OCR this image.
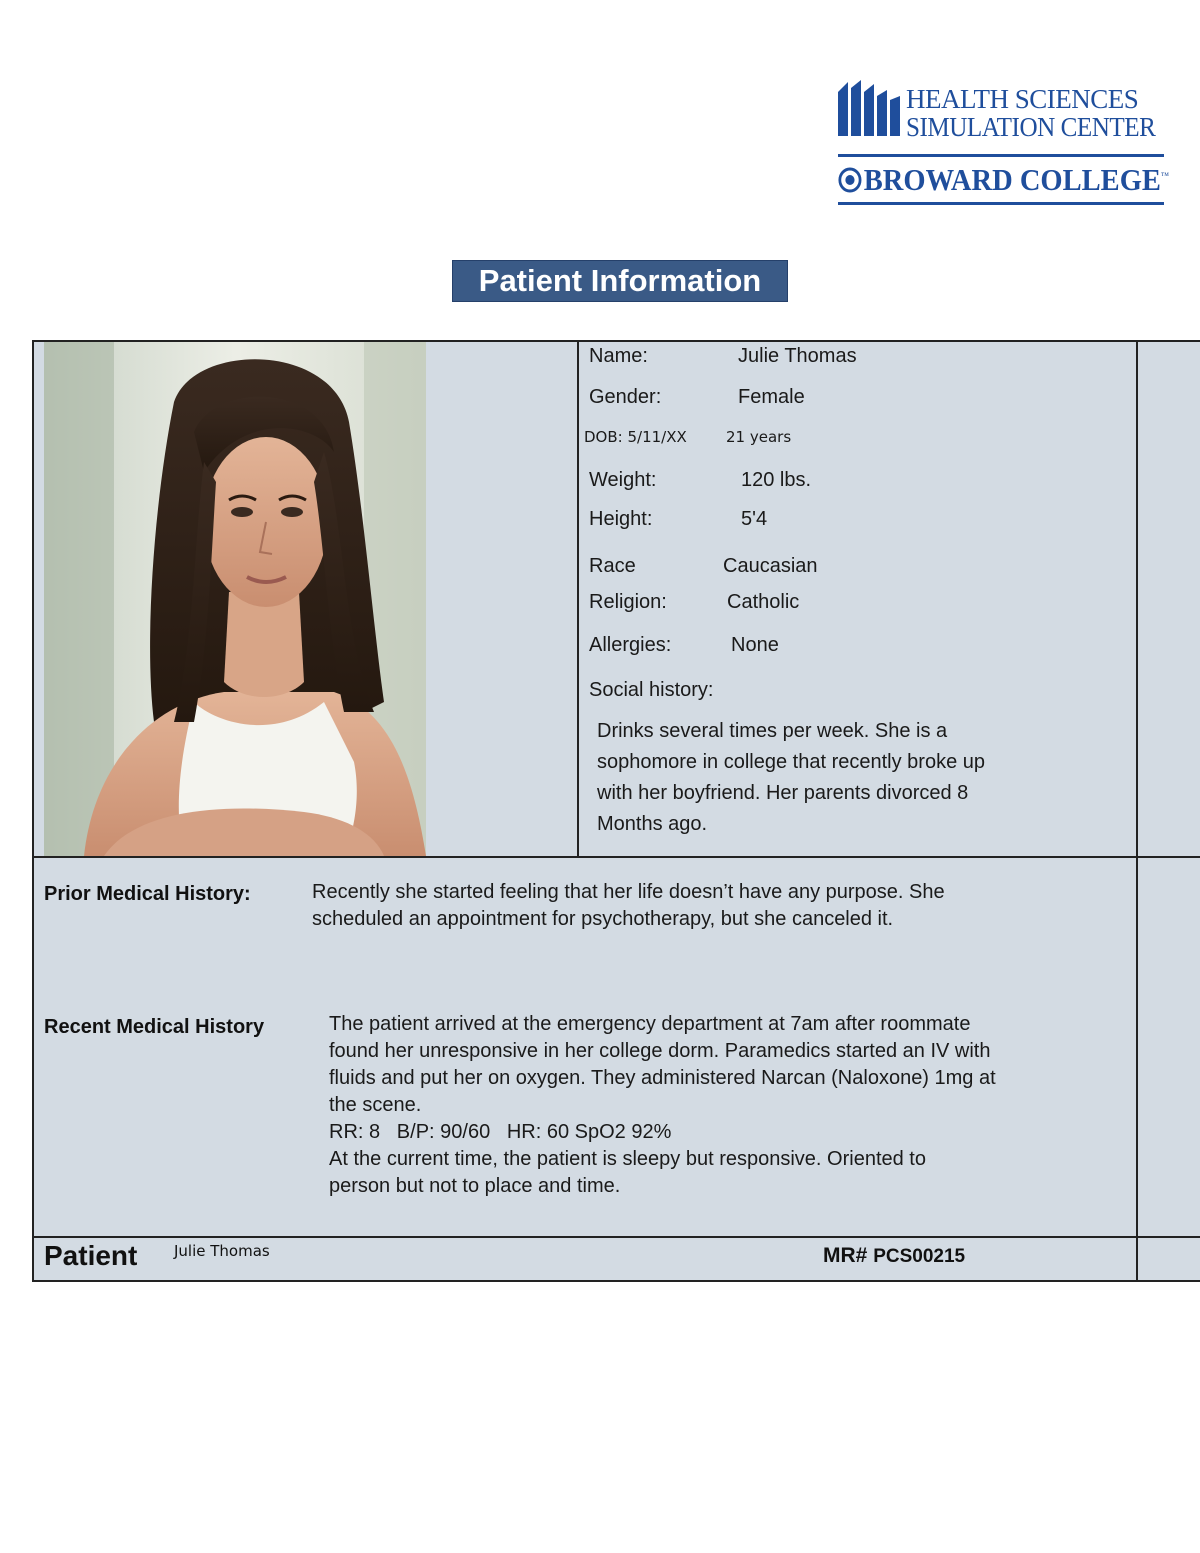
HEALTH SCIENCES
SIMULATION CENTER
BROWARD COLLEGE™
Patient Information
Name:	Julie Thomas
Gender:	Female
DOB: 5/11/XX	21 years
Weight:	120 lbs.
Height:	5'4
Race	Caucasian
Religion:	Catholic
Allergies:	None
Social history:
Drinks several times per week. She is a
sophomore in college that recently broke up
with her boyfriend. Her parents divorced 8
Months ago.
Prior Medical History:	Recently she started feeling that her life doesn’t have any purpose. She
scheduled an appointment for psychotherapy, but she canceled it.
Recent Medical History	The patient arrived at the emergency department at 7am after roommate
found her unresponsive in her college dorm. Paramedics started an IV with
fluids and put her on oxygen. They administered Narcan (Naloxone) 1mg at
the scene.
RR: 8   B/P: 90/60   HR: 60 SpO2 92%
At the current time, the patient is sleepy but responsive. Oriented to
person but not to place and time.
Patient Julie Thomas	MR# PCS00215
